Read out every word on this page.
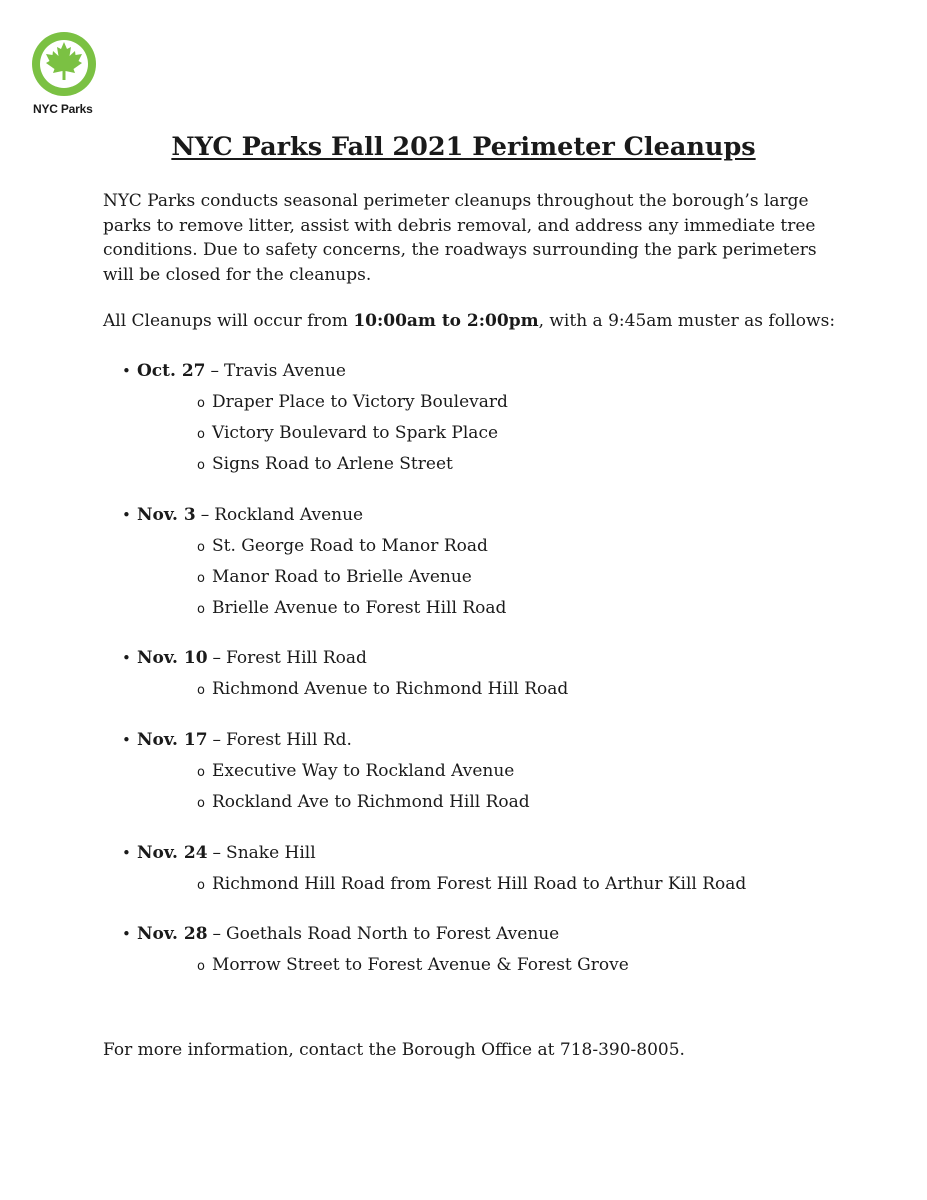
NYC Parks
NYC Parks Fall 2021 Perimeter Cleanups

NYC Parks conducts seasonal perimeter cleanups throughout the borough’s large parks to remove litter, assist with debris removal, and address any immediate tree conditions. Due to safety concerns, the roadways surrounding the park perimeters will be closed for the cleanups.

All Cleanups will occur from 10:00am to 2:00pm, with a 9:45am muster as follows:

• Oct. 27 – Travis Avenue
o Draper Place to Victory Boulevard
o Victory Boulevard to Spark Place
o Signs Road to Arlene Street
• Nov. 3 – Rockland Avenue
o St. George Road to Manor Road
o Manor Road to Brielle Avenue
o Brielle Avenue to Forest Hill Road
• Nov. 10 – Forest Hill Road
o Richmond Avenue to Richmond Hill Road
• Nov. 17 – Forest Hill Rd.
o Executive Way to Rockland Avenue
o Rockland Ave to Richmond Hill Road
• Nov. 24 – Snake Hill
o Richmond Hill Road from Forest Hill Road to Arthur Kill Road
• Nov. 28 – Goethals Road North to Forest Avenue
o Morrow Street to Forest Avenue & Forest Grove

For more information, contact the Borough Office at 718-390-8005.
